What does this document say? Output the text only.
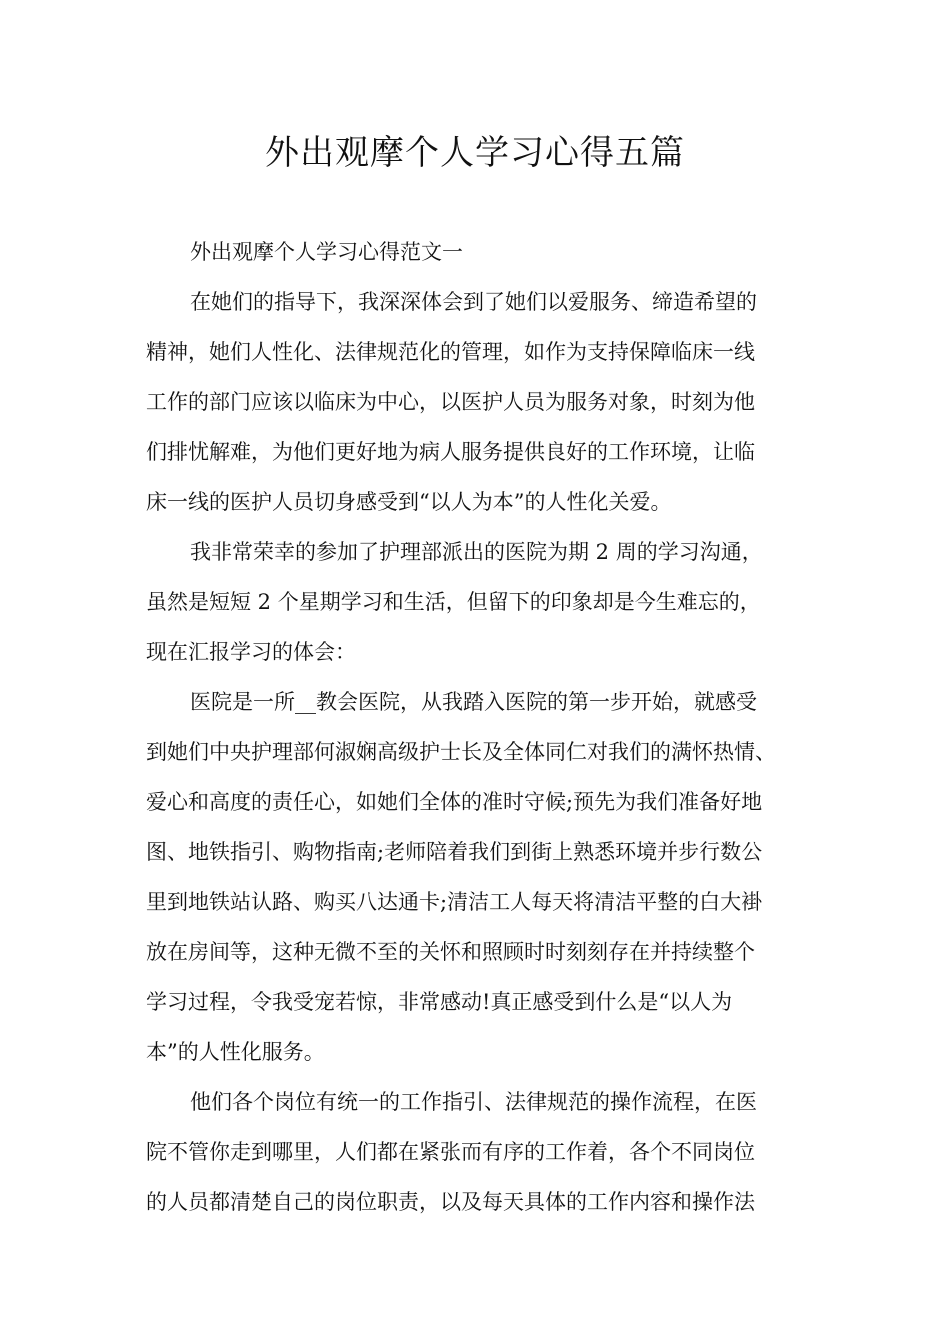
外出观摩个人学习心得五篇

外出观摩个人学习心得范文一

在她们的指导下，我深深体会到了她们以爱服务、缔造希望的
精神，她们人性化、法律规范化的管理，如作为支持保障临床一线
工作的部门应该以临床为中心，以医护人员为服务对象，时刻为他
们排忧解难，为他们更好地为病人服务提供良好的工作环境，让临
床一线的医护人员切身感受到“以人为本”的人性化关爱。
我非常荣幸的参加了护理部派出的医院为期 2 周的学习沟通，
虽然是短短 2 个星期学习和生活，但留下的印象却是今生难忘的，
现在汇报学习的体会：
医院是一所__教会医院，从我踏入医院的第一步开始，就感受
到她们中央护理部何淑娴高级护士长及全体同仁对我们的满怀热情、
爱心和高度的责任心，如她们全体的准时守候;预先为我们准备好地
图、地铁指引、购物指南;老师陪着我们到街上熟悉环境并步行数公
里到地铁站认路、购买八达通卡;清洁工人每天将清洁平整的白大褂
放在房间等，这种无微不至的关怀和照顾时时刻刻存在并持续整个
学习过程，令我受宠若惊，非常感动!真正感受到什么是“以人为
本”的人性化服务。
他们各个岗位有统一的工作指引、法律规范的操作流程，在医
院不管你走到哪里，人们都在紧张而有序的工作着，各个不同岗位
的人员都清楚自己的岗位职责，以及每天具体的工作内容和操作法
